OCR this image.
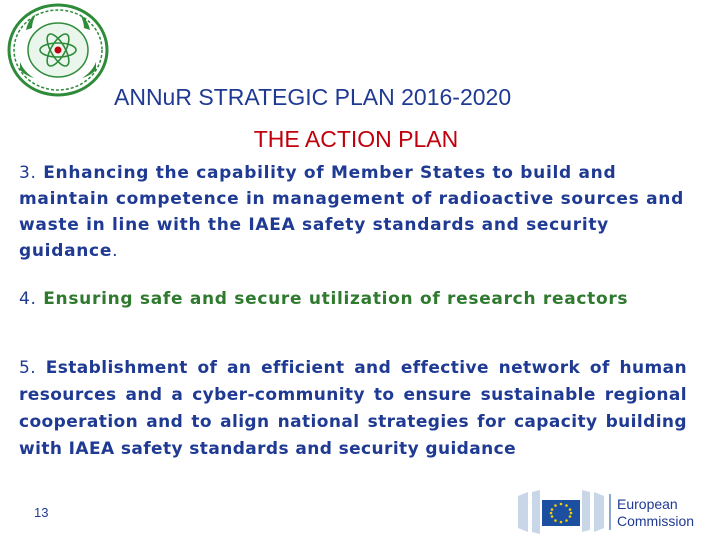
ANNuR STRATEGIC PLAN 2016-2020
THE ACTION PLAN
3. Enhancing the capability of Member States to build and maintain competence in management of radioactive sources and waste in line with the IAEA safety standards and security guidance.
4. Ensuring safe and secure utilization of research reactors
5. Establishment of an efficient and effective network of human resources and a cyber-community to ensure sustainable regional cooperation and to align national strategies for capacity building with IAEA safety standards and security guidance
13
European
Commission
